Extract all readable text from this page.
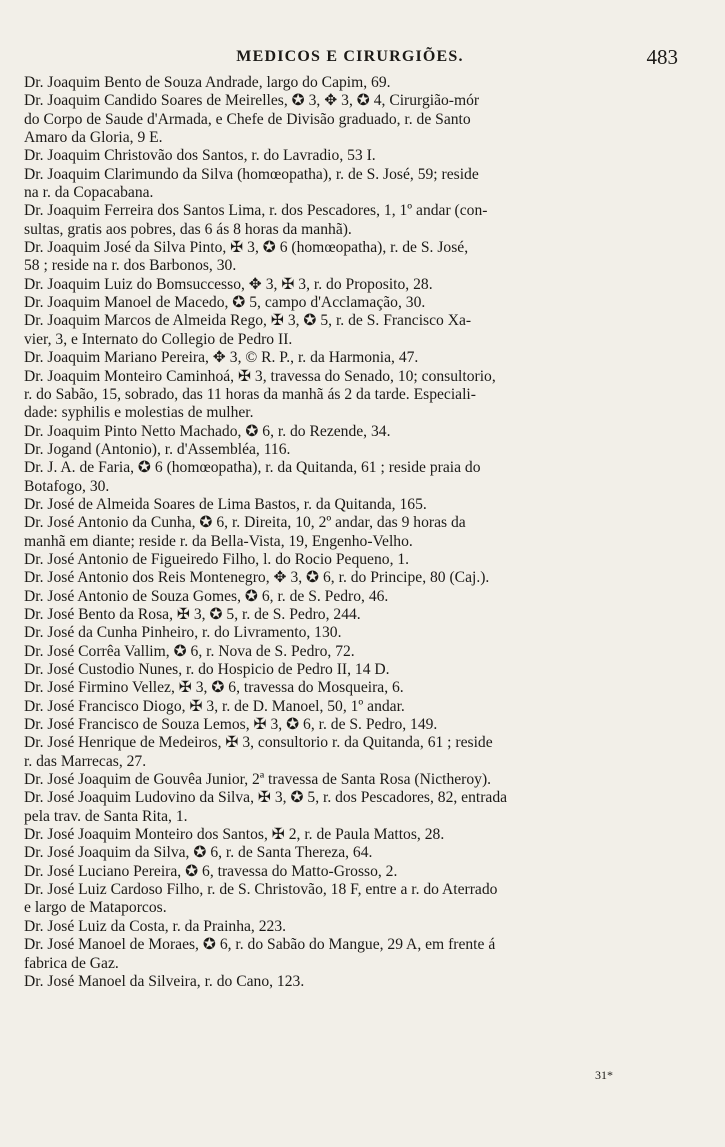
MEDICOS E CIRURGIÕES.	483
Dr. Joaquim Bento de Souza Andrade, largo do Capim, 69.
Dr. Joaquim Candido Soares de Meirelles, ✪ 3, ✥ 3, ✪ 4, Cirurgião-mór
do Corpo de Saude d'Armada, e Chefe de Divisão graduado, r. de Santo
Amaro da Gloria, 9 E.
Dr. Joaquim Christovão dos Santos, r. do Lavradio, 53 I.
Dr. Joaquim Clarimundo da Silva (homœopatha), r. de S. José, 59; reside
na r. da Copacabana.
Dr. Joaquim Ferreira dos Santos Lima, r. dos Pescadores, 1, 1º andar (con-
sultas, gratis aos pobres, das 6 ás 8 horas da manhã).
Dr. Joaquim José da Silva Pinto, ✠ 3, ✪ 6 (homœopatha), r. de S. José,
58 ; reside na r. dos Barbonos, 30.
Dr. Joaquim Luiz do Bomsuccesso, ✥ 3, ✠ 3, r. do Proposito, 28.
Dr. Joaquim Manoel de Macedo, ✪ 5, campo d'Acclamação, 30.
Dr. Joaquim Marcos de Almeida Rego, ✠ 3, ✪ 5, r. de S. Francisco Xa-
vier, 3, e Internato do Collegio de Pedro II.
Dr. Joaquim Mariano Pereira, ✥ 3, © R. P., r. da Harmonia, 47.
Dr. Joaquim Monteiro Caminhoá, ✠ 3, travessa do Senado, 10; consultorio,
r. do Sabão, 15, sobrado, das 11 horas da manhã ás 2 da tarde. Especiali-
dade: syphilis e molestias de mulher.
Dr. Joaquim Pinto Netto Machado, ✪ 6, r. do Rezende, 34.
Dr. Jogand (Antonio), r. d'Assembléa, 116.
Dr. J. A. de Faria, ✪ 6 (homœopatha), r. da Quitanda, 61 ; reside praia do
Botafogo, 30.
Dr. José de Almeida Soares de Lima Bastos, r. da Quitanda, 165.
Dr. José Antonio da Cunha, ✪ 6, r. Direita, 10, 2º andar, das 9 horas da
manhã em diante; reside r. da Bella-Vista, 19, Engenho-Velho.
Dr. José Antonio de Figueiredo Filho, l. do Rocio Pequeno, 1.
Dr. José Antonio dos Reis Montenegro, ✥ 3, ✪ 6, r. do Principe, 80 (Caj.).
Dr. José Antonio de Souza Gomes, ✪ 6, r. de S. Pedro, 46.
Dr. José Bento da Rosa, ✠ 3, ✪ 5, r. de S. Pedro, 244.
Dr. José da Cunha Pinheiro, r. do Livramento, 130.
Dr. José Corrêa Vallim, ✪ 6, r. Nova de S. Pedro, 72.
Dr. José Custodio Nunes, r. do Hospicio de Pedro II, 14 D.
Dr. José Firmino Vellez, ✠ 3, ✪ 6, travessa do Mosqueira, 6.
Dr. José Francisco Diogo, ✠ 3, r. de D. Manoel, 50, 1º andar.
Dr. José Francisco de Souza Lemos, ✠ 3, ✪ 6, r. de S. Pedro, 149.
Dr. José Henrique de Medeiros, ✠ 3, consultorio r. da Quitanda, 61 ; reside
r. das Marrecas, 27.
Dr. José Joaquim de Gouvêa Junior, 2ª travessa de Santa Rosa (Nictheroy).
Dr. José Joaquim Ludovino da Silva, ✠ 3, ✪ 5, r. dos Pescadores, 82, entrada
pela trav. de Santa Rita, 1.
Dr. José Joaquim Monteiro dos Santos, ✠ 2, r. de Paula Mattos, 28.
Dr. José Joaquim da Silva, ✪ 6, r. de Santa Thereza, 64.
Dr. José Luciano Pereira, ✪ 6, travessa do Matto-Grosso, 2.
Dr. José Luiz Cardoso Filho, r. de S. Christovão, 18 F, entre a r. do Aterrado
e largo de Mataporcos.
Dr. José Luiz da Costa, r. da Prainha, 223.
Dr. José Manoel de Moraes, ✪ 6, r. do Sabão do Mangue, 29 A, em frente á
fabrica de Gaz.
Dr. José Manoel da Silveira, r. do Cano, 123.
31*
